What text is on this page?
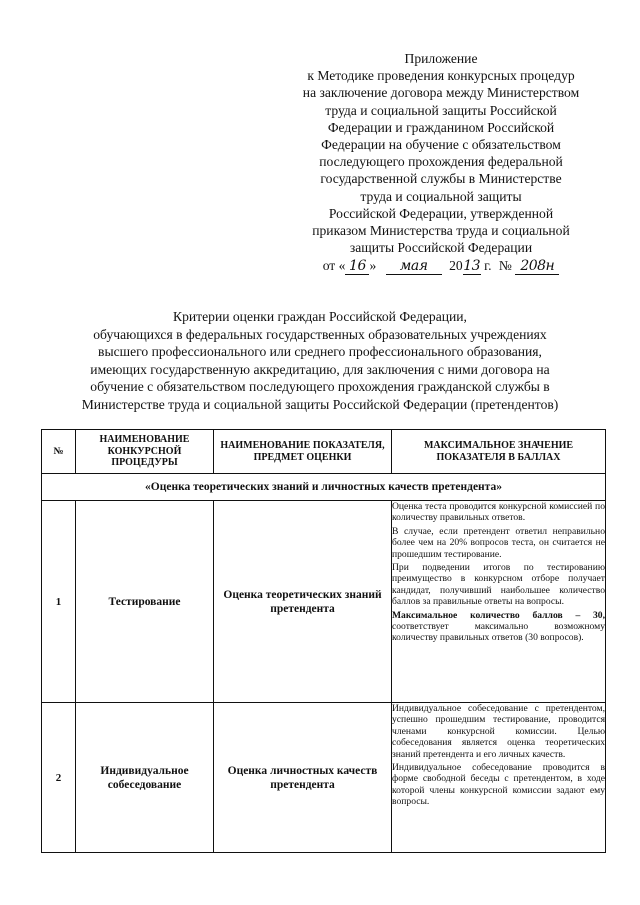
Приложение
к Методике проведения конкурсных процедур
на заключение договора между Министерством
труда и социальной защиты Российской
Федерации и гражданином Российской
Федерации на обучение с обязательством
последующего прохождения федеральной
государственной службы в Министерстве
труда и социальной защиты
Российской Федерации, утвержденной
приказом Министерства труда и социальной
защиты Российской Федерации
от « 16 » мая 2013 г. № 208н
Критерии оценки граждан Российской Федерации,
обучающихся в федеральных государственных образовательных учреждениях
высшего профессионального или среднего профессионального образования,
имеющих государственную аккредитацию, для заключения с ними договора на
обучение с обязательством последующего прохождения гражданской службы в
Министерстве труда и социальной защиты Российской Федерации (претендентов)
№	НАИМЕНОВАНИЕ КОНКУРСНОЙ ПРОЦЕДУРЫ	НАИМЕНОВАНИЕ ПОКАЗАТЕЛЯ, ПРЕДМЕТ ОЦЕНКИ	МАКСИМАЛЬНОЕ ЗНАЧЕНИЕ ПОКАЗАТЕЛЯ В БАЛЛАХ
«Оценка теоретических знаний и личностных качеств претендента»			
1	Тестирование	Оценка теоретических знаний претендента	Оценка теста проводится конкурсной комиссией по количеству правильных ответов.

В случае, если претендент ответил неправильно более чем на 20% вопросов теста, он считается не прошедшим тестирование.

При подведении итогов по тестированию преимущество в конкурсном отборе получает кандидат, получивший наибольшее количество баллов за правильные ответы на вопросы.

Максимальное количество баллов – 30, соответствует максимально возможному количеству правильных ответов (30 вопросов).

2	Индивидуальное собеседование	Оценка личностных качеств претендента	Индивидуальное собеседование с претендентом, успешно прошедшим тестирование, проводится членами конкурсной комиссии. Целью собеседования является оценка теоретических знаний претендента и его личных качеств.

Индивидуальное собеседование проводится в форме свободной беседы с претендентом, в ходе которой члены конкурсной комиссии задают ему вопросы.
